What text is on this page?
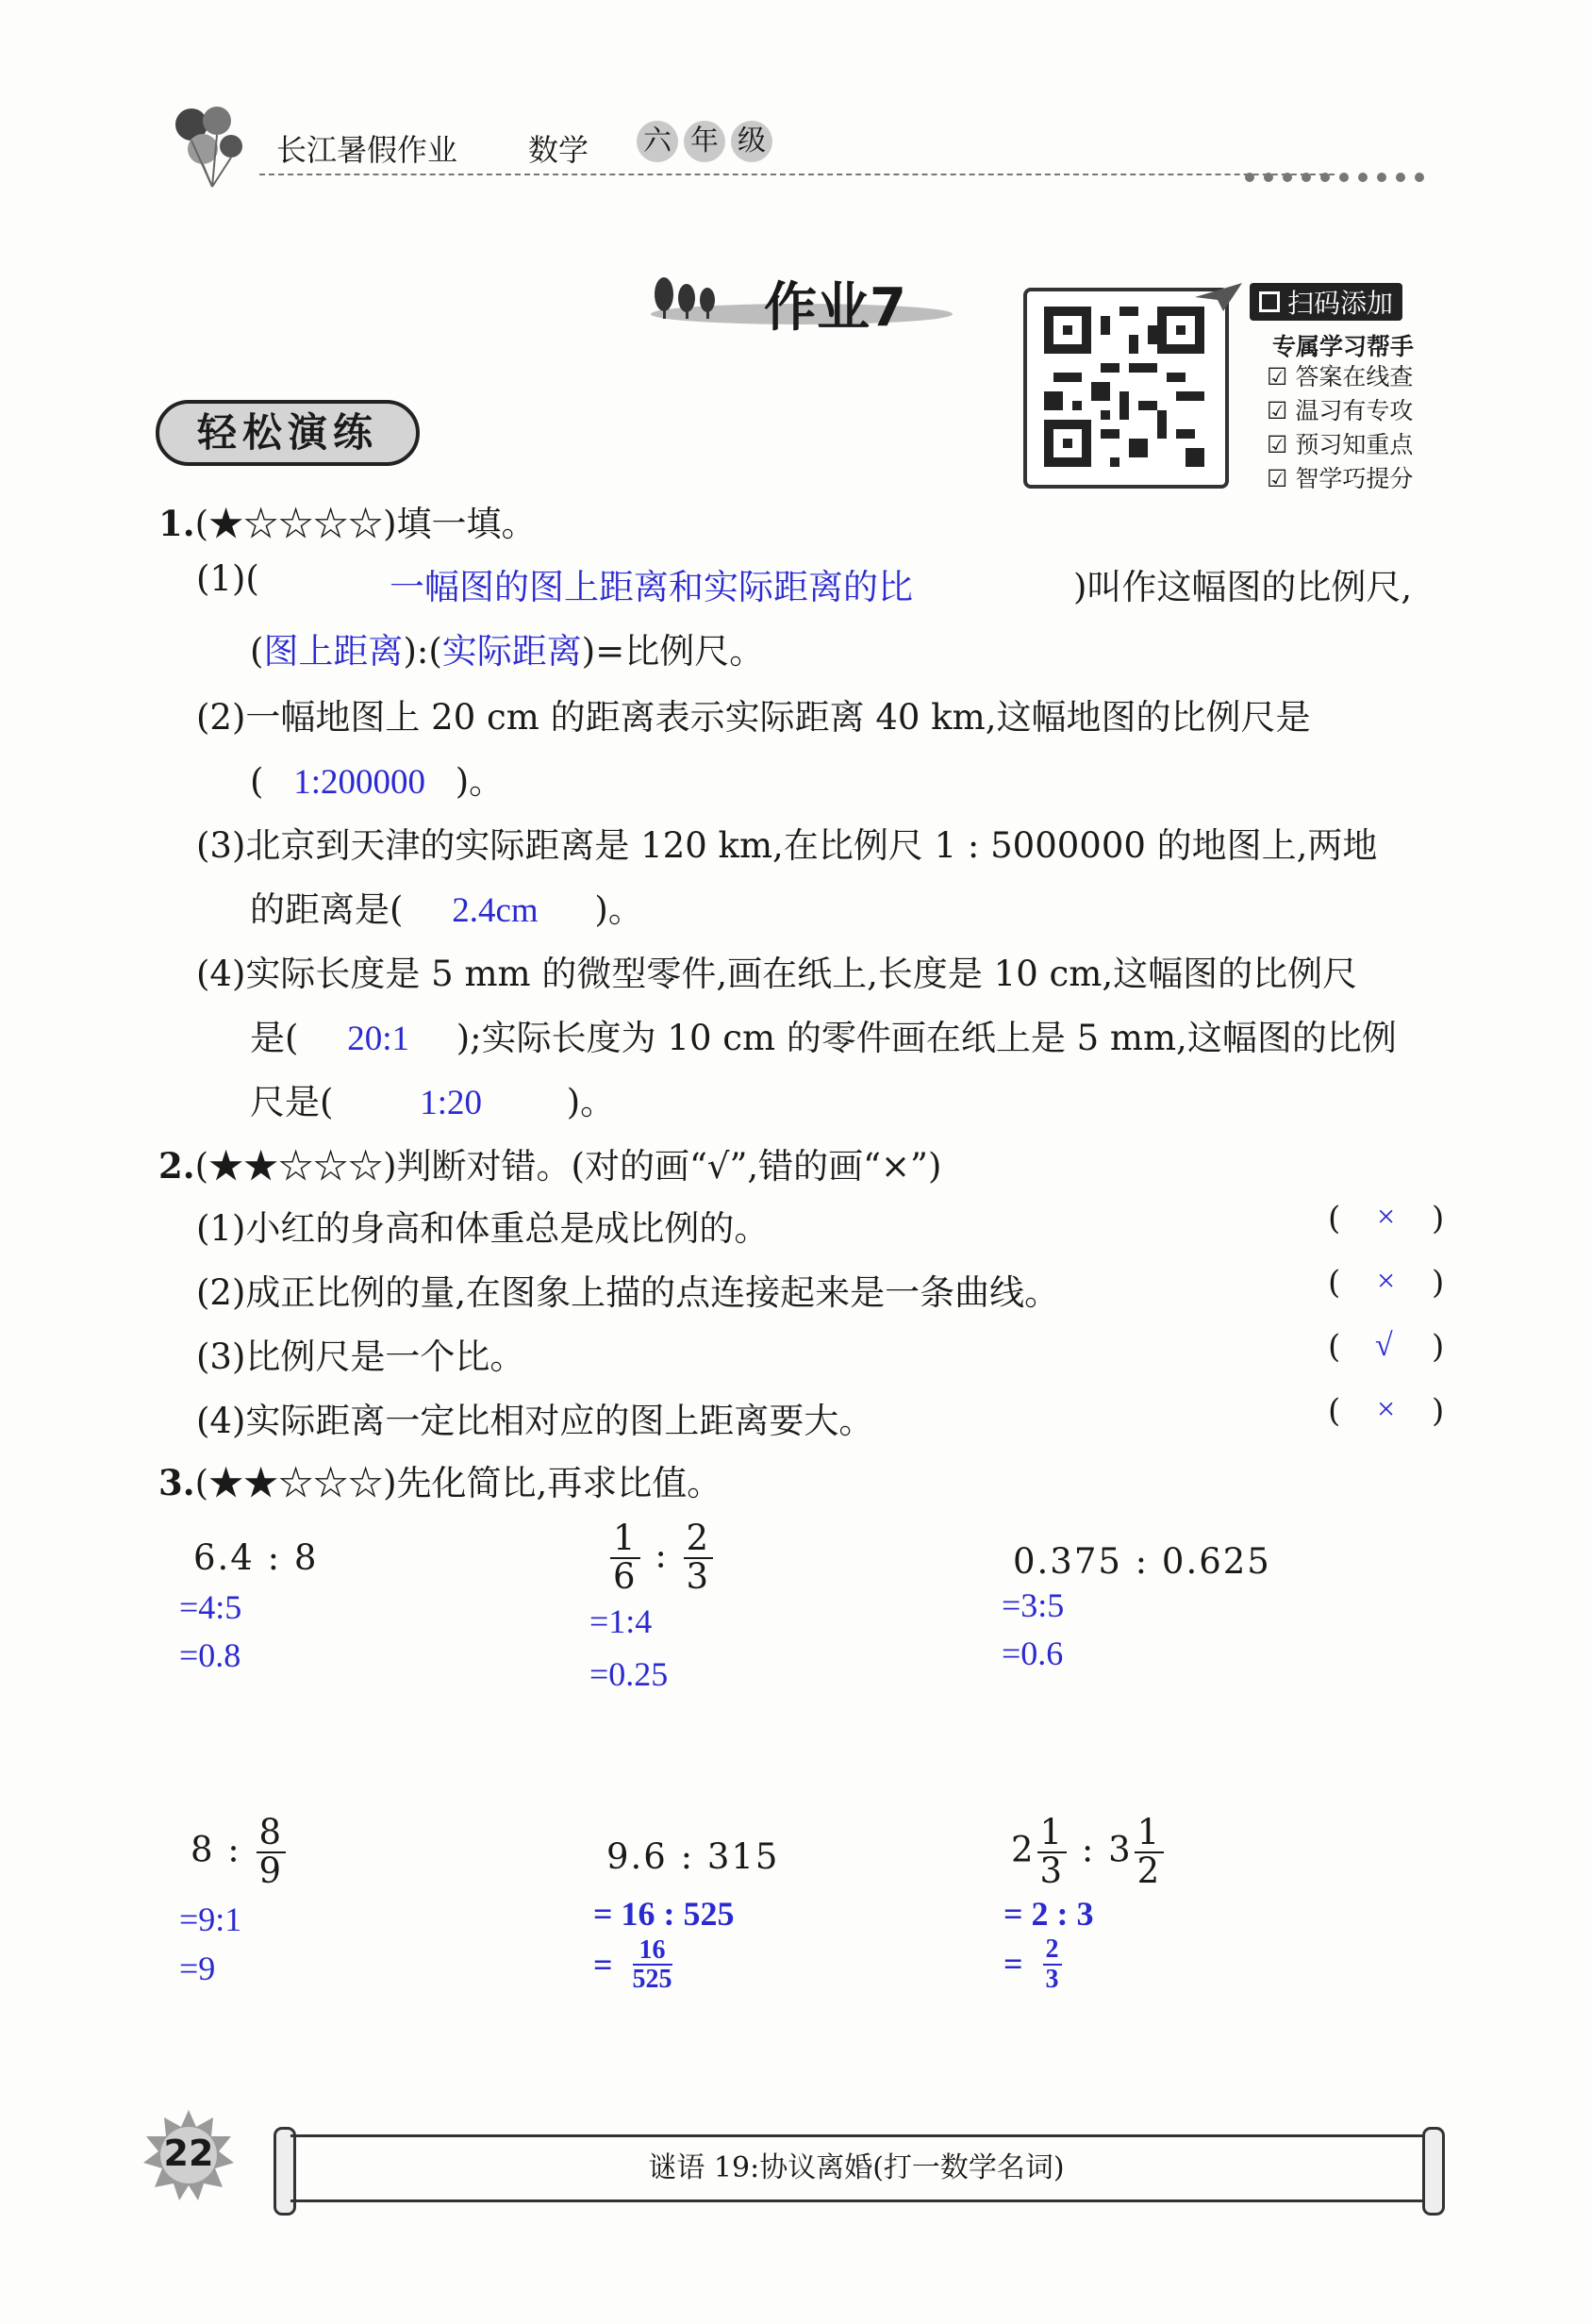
长江暑假作业 数学 六 年 级
作业7	扫码添加
专属学习帮手
☑ 答案在线查
☑ 温习有专攻
☑ 预习知重点
☑ 智学巧提分
轻松演练
1.(★☆☆☆☆)填一填。
(1)(	一幅图的图上距离和实际距离的比	)叫作这幅图的比例尺,
(图上距离):(实际距离)=比例尺。
(2)一幅地图上 20 cm 的距离表示实际距离 40 km,这幅地图的比例尺是
( 1:200000 )。
(3)北京到天津的实际距离是 120 km,在比例尺 1 : 5000000 的地图上,两地
的距离是( 2.4cm )。
(4)实际长度是 5 mm 的微型零件,画在纸上,长度是 10 cm,这幅图的比例尺
是( 20:1 );实际长度为 10 cm 的零件画在纸上是 5 mm,这幅图的比例
尺是( 1:20 )。
2.(★★☆☆☆)判断对错。(对的画“√”,错的画“×”)
(1)小红的身高和体重总是成比例的。	( × )
(2)成正比例的量,在图象上描的点连接起来是一条曲线。	( × )
(3)比例尺是一个比。	( √ )
(4)实际距离一定比相对应的图上距离要大。	( × )
3.(★★☆☆☆)先化简比,再求比值。
6.4 : 8
=4:5
=0.8
$\frac{1}{6}$ : $\frac{2}{3}$
=1:4
=0.25
0.375 : 0.625
=3:5
=0.6
8 : $\frac{8}{9}$
=9:1
=9
9.6 : 315
= 16 : 525
= $\frac{16}{525}$
$2 \frac{1}{3}$ : $3 \frac{1}{2}$
= 2 : 3
= $\frac{2}{3}$
22	谜语 19:协议离婚(打一数学名词)
